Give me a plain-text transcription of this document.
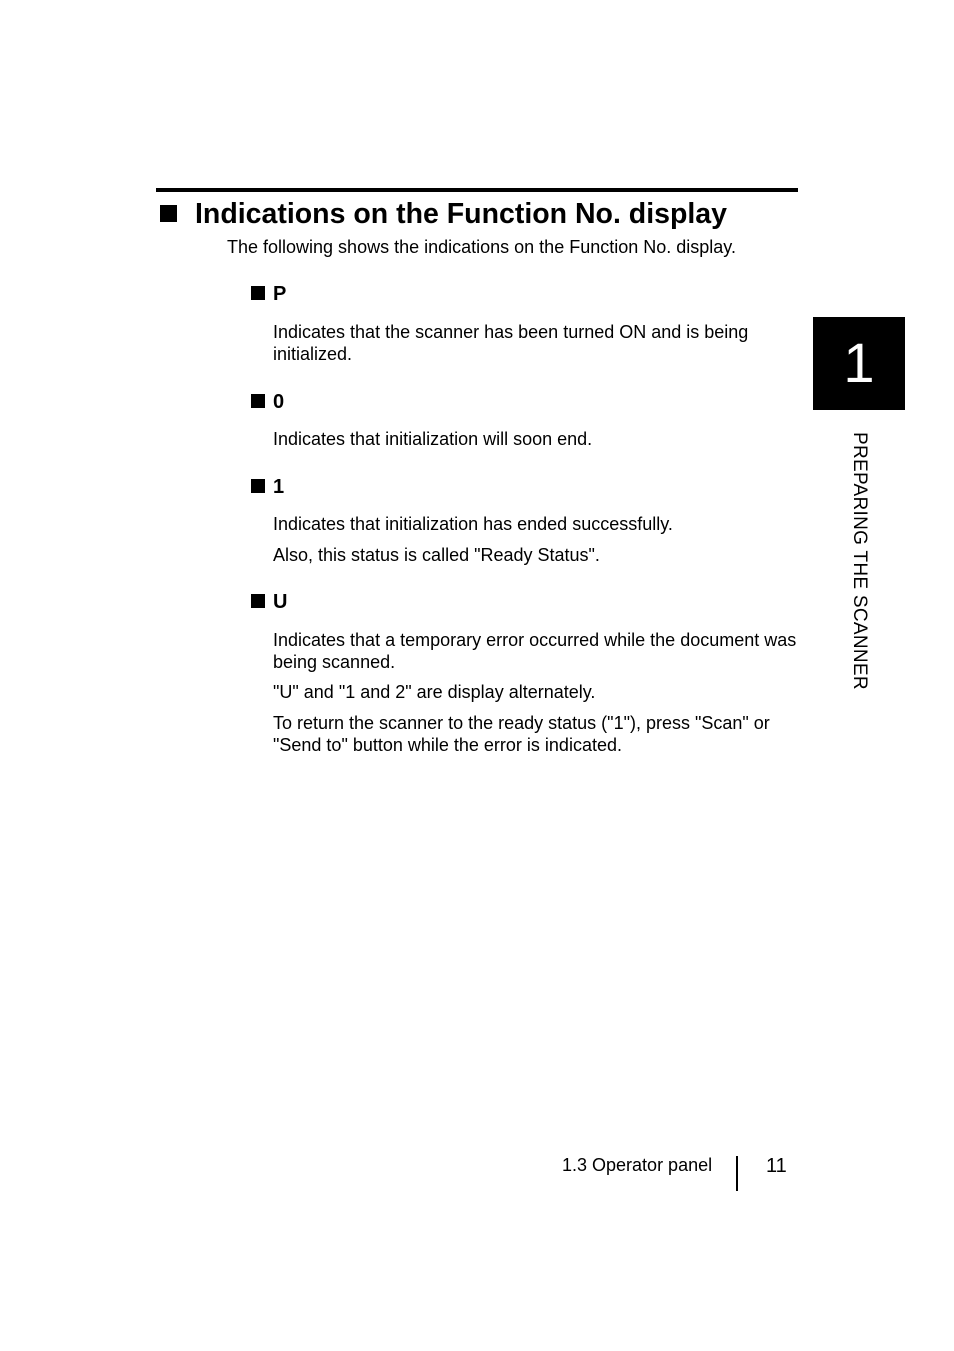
Indications on the Function No. display

The following shows the indications on the Function No. display.

P

Indicates that the scanner has been turned ON and is being initialized.

0

Indicates that initialization will soon end.

1

Indicates that initialization has ended successfully.

Also, this status is called "Ready Status".

U

Indicates that a temporary error occurred while the document was being scanned.

"U" and "1 and 2" are display alternately.

To return the scanner to the ready status ("1"), press "Scan" or "Send to" button while the error is indicated.

1
PREPARING THE SCANNER

1.3 Operator panel	11
